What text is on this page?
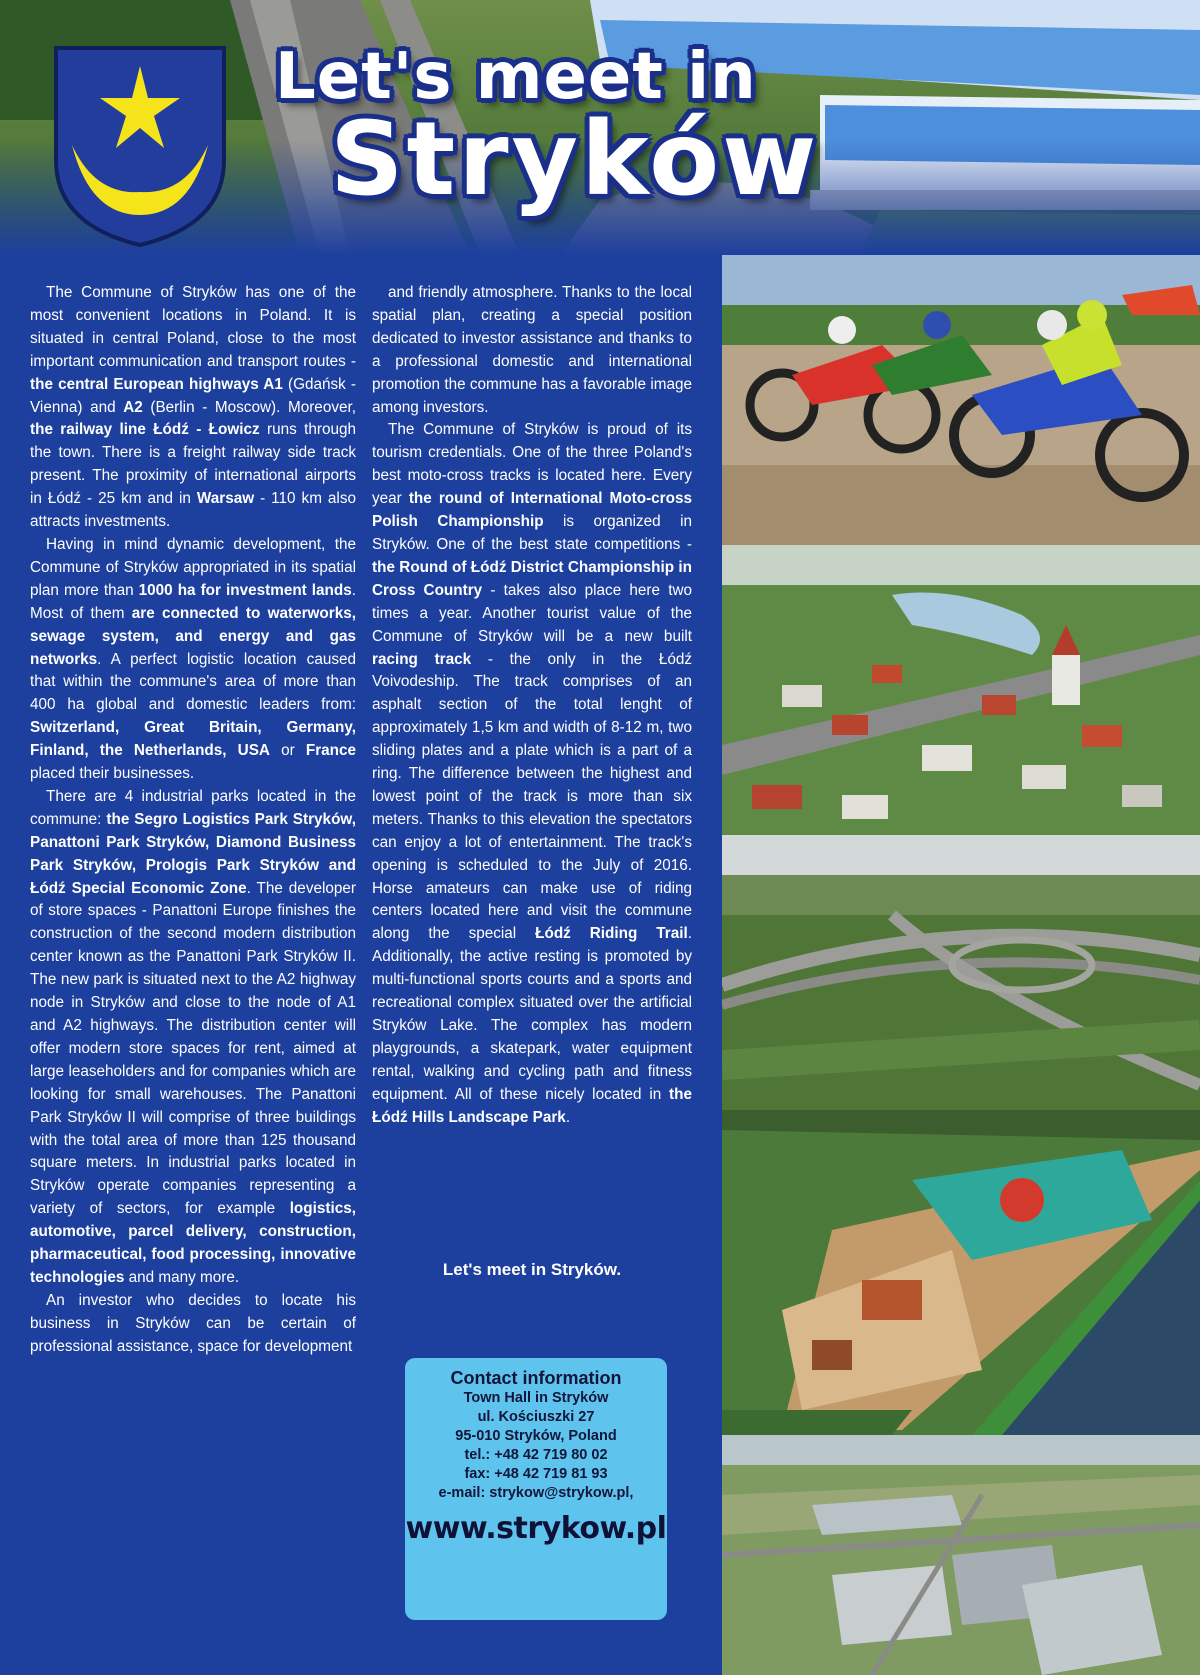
Let's meet in
Stryków

The Commune of Stryków has one of the most convenient locations in Poland. It is situated in central Poland, close to the most important communication and transport routes - the central European highways A1 (Gdańsk - Vienna) and A2 (Berlin - Moscow). Moreover, the railway line Łódź - Łowicz runs through the town. There is a freight railway side track present. The proximity of international airports in Łódź - 25 km and in Warsaw - 110 km also attracts investments.

Having in mind dynamic development, the Commune of Stryków appropriated in its spatial plan more than 1000 ha for investment lands. Most of them are connected to waterworks, sewage system, and energy and gas networks. A perfect logistic location caused that within the commune's area of more than 400 ha global and domestic leaders from: Switzerland, Great Britain, Germany, Finland, the Netherlands, USA or France placed their businesses.

There are 4 industrial parks located in the commune: the Segro Logistics Park Stryków, Panattoni Park Stryków, Diamond Business Park Stryków, Prologis Park Stryków and Łódź Special Economic Zone. The developer of store spaces - Panattoni Europe finishes the construction of the second modern distribution center known as the Panattoni Park Stryków II. The new park is situated next to the A2 highway node in Stryków and close to the node of A1 and A2 highways. The distribution center will offer modern store spaces for rent, aimed at large leaseholders and for companies which are looking for small warehouses. The Panattoni Park Stryków II will comprise of three buildings with the total area of more than 125 thousand square meters. In industrial parks located in Stryków operate companies representing a variety of sectors, for example logistics, automotive, parcel delivery, construction, pharmaceutical, food processing, innovative technologies and many more.

An investor who decides to locate his business in Stryków can be certain of professional assistance, space for development

and friendly atmosphere. Thanks to the local spatial plan, creating a special position dedicated to investor assistance and thanks to a professional domestic and international promotion the commune has a favorable image among investors.

The Commune of Stryków is proud of its tourism credentials. One of the three Poland's best moto-cross tracks is located here. Every year the round of International Moto-cross Polish Championship is organized in Stryków. One of the best state competitions - the Round of Łódź District Championship in Cross Country - takes also place here two times a year. Another tourist value of the Commune of Stryków will be a new built racing track - the only in the Łódź Voivodeship. The track comprises of an asphalt section of the total lenght of approximately 1,5 km and width of 8-12 m, two sliding plates and a plate which is a part of a ring. The difference between the highest and lowest point of the track is more than six meters. Thanks to this elevation the spectators can enjoy a lot of entertainment. The track's opening is scheduled to the July of 2016. Horse amateurs can make use of riding centers located here and visit the commune along the special Łódź Riding Trail. Additionally, the active resting is promoted by multi-functional sports courts and a sports and recreational complex situated over the artificial Stryków Lake. The complex has modern playgrounds, a skatepark, water equipment rental, walking and cycling path and fitness equipment. All of these nicely located in the Łódź Hills Landscape Park.

Let's meet in Stryków.
Contact information
Town Hall in Stryków
ul. Kościuszki 27
95-010 Stryków, Poland
tel.: +48 42 719 80 02
fax: +48 42 719 81 93
e-mail: strykow@strykow.pl,
www.strykow.pl
